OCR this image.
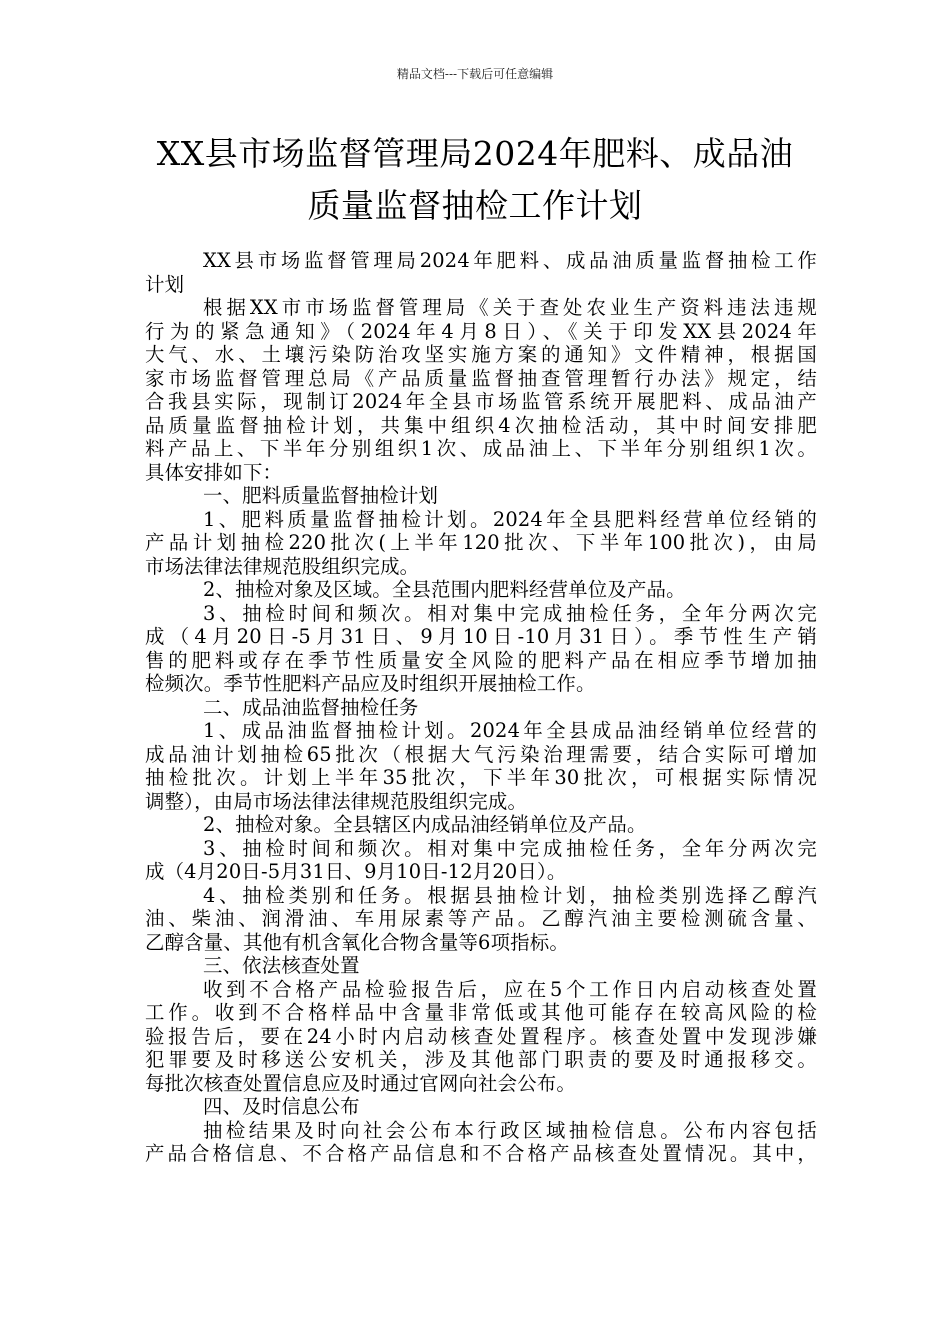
精品文档---下载后可任意编辑
XX县市场监督管理局2024年肥料、成品油
质量监督抽检工作计划
XX县市场监督管理局2024年肥料、成品油质量监督抽检工作
计划
根据XX市市场监督管理局《关于查处农业生产资料违法违规
行为的紧急通知》（2024年4月8日）、《关于印发XX县2024年
大气、水、土壤污染防治攻坚实施方案的通知》文件精神，根据国
家市场监督管理总局《产品质量监督抽查管理暂行办法》规定，结
合我县实际，现制订2024年全县市场监管系统开展肥料、成品油产
品质量监督抽检计划，共集中组织4次抽检活动，其中时间安排肥
料产品上、下半年分别组织1次、成品油上、下半年分别组织1次。
具体安排如下：
一、肥料质量监督抽检计划
1、肥料质量监督抽检计划。2024年全县肥料经营单位经销的
产品计划抽检220批次(上半年120批次、下半年100批次)，由局
市场法律法律规范股组织完成。
2、抽检对象及区域。全县范围内肥料经营单位及产品。
3、抽检时间和频次。相对集中完成抽检任务，全年分两次完
成（4月20日-5月31日、9月10日-10月31日）。季节性生产销
售的肥料或存在季节性质量安全风险的肥料产品在相应季节增加抽
检频次。季节性肥料产品应及时组织开展抽检工作。
二、成品油监督抽检任务
1、成品油监督抽检计划。2024年全县成品油经销单位经营的
成品油计划抽检65批次（根据大气污染治理需要，结合实际可增加
抽检批次。计划上半年35批次，下半年30批次，可根据实际情况
调整），由局市场法律法律规范股组织完成。
2、抽检对象。全县辖区内成品油经销单位及产品。
3、抽检时间和频次。相对集中完成抽检任务，全年分两次完
成（4月20日-5月31日、9月10日-12月20日）。
4、抽检类别和任务。根据县抽检计划，抽检类别选择乙醇汽
油、柴油、润滑油、车用尿素等产品。乙醇汽油主要检测硫含量、
乙醇含量、其他有机含氧化合物含量等6项指标。
三、依法核查处置
收到不合格产品检验报告后，应在5个工作日内启动核查处置
工作。收到不合格样品中含量非常低或其他可能存在较高风险的检
验报告后，要在24小时内启动核查处置程序。核查处置中发现涉嫌
犯罪要及时移送公安机关，涉及其他部门职责的要及时通报移交。
每批次核查处置信息应及时通过官网向社会公布。
四、及时信息公布
抽检结果及时向社会公布本行政区域抽检信息。公布内容包括
产品合格信息、不合格产品信息和不合格产品核查处置情况。其中，
